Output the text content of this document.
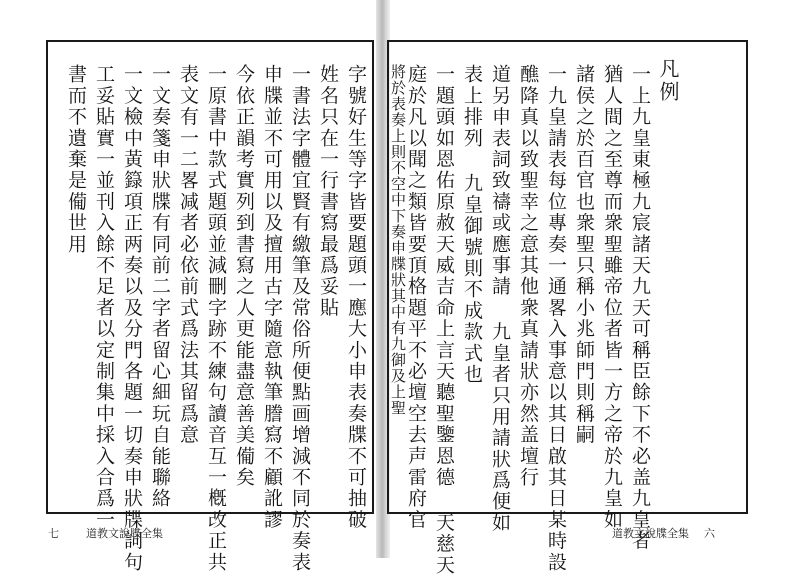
字號好生等字皆要題頭一應大小申表奏牒不可抽破
姓名只在一行書寫最爲妥貼
一書法字體宜賢有繳筆及常俗所便點画增減不同於奏表
申牒並不可用以及擅用古字隨意執筆謄寫不顧訛謬
今依正韻考實列到書寫之人更能盡意善美僃矣
一原書中款式題頭並減刪字跡不練句讀音互一槪改正共
表文有一二畧减者必依前式爲法其留爲意
一文奏箋申狀牒有同前二字者留心細玩自能聯絡
一文檢中黃籙項正两奏以及分門各題一切奏申狀牒詞句
工妥貼實一並刊入餘不足者以定制集中採入合爲一
書而不遺棄是僃世用	凡例
一上九皇東極九宸諸天九天可稱臣餘下不必盖九皇者
猶人間之至尊而衆聖雖帝位者皆一方之帝於九皇如
諸侯之於百官也衆聖只稱小兆師門則稱嗣
一九皇請表每位專奏一通畧入事意以其日啟其日某時設
醮降真以致聖幸之意其他衆真請狀亦然盖壇行
道另申表詞致禱或應事請 九皇者只用請狀爲便如
表上排列 九皇御號則不成款式也
一題頭如恩佑原赦天威吉命上言天聽聖鑒恩德 天慈天
庭於凡以聞之類皆要頂格題平不必壇空去声雷府官
將於表奏上則不空中下奏申牒狀其中有九御及上聖
七 道教文說牒全集	道教文說牒全集 六
